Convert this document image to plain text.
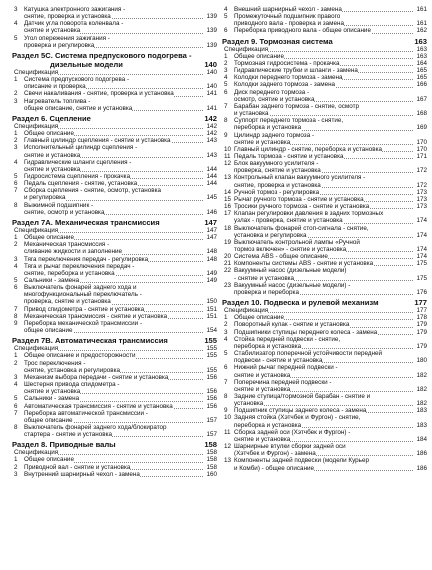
3 Катушка электронного зажигания -
139
снятие, проверка и установка
4 Датчик угла поворота коленвала -
139
снятие и установка
5 Угол опережения зажигания -
139
проверка и регулировка
Раздел 5С. Система предпускового подогрева -
140
дизельные модели
140
Спецификация
1 Система предпускового подогрева -
140
описание и проверка
141
2 Свечи накаливания - снятие, проверка и установка
3 Нагреватель топлива -
141
общее описание, снятие и установка
142
Раздел 6. Сцепление
142
Спецификация
142
1 Общее описание
143
2 Главный цилиндр сцепления - снятие и установка
3 Исполнительный цилиндр сцепления -
143
снятие и установка
4 Гидравлические шланги сцепления -
144
снятие и установка
144
5 Гидросистема сцепления - прокачка
144
6 Педаль сцепления - снятие, установка
7 Сборка сцепления - снятие, осмотр, установка
145
и регулировка
8 Выжимной подшипник -
146
снятие, осмотр и установка
147
Раздел 7А. Механическая трансмиссия
147
Спецификация
147
1 Общее описание
2 Механическая трансмиссия -
148
сливание жидкости и заполнение
148
3 Тяга переключения передач - регулировка
4 Тяга и рычаг переключения передач -
149
снятие, переборка и установка
149
5 Сальники - замена
6 Выключатель фонарей заднего хода и
многофункциональный переключатель -
150
проверка, снятие и установка
151
7 Привод спидометра - снятие и установка
151
8 Механическая трансмиссия - снятие и установка
9 Переборка механической трансмиссии -
154
общее описание
155
Раздел 7В. Автоматическая трансмиссия
155
Спецификация
155
1 Общее описание и предосторожности
2 Трос переключения -
155
снятие, установка и регулировка
156
3 Механизм выбора передачи - снятие и установка
4 Шестерня привода спидометра -
156
снятие и установка
156
5 Сальники - замена
156
6 Автоматическая трансмиссия - снятие и установка
7 Переборка автоматической трансмиссии -
157
общее описание
8 Выключатель фонарей заднего хода/блокиратор
157
стартера - снятие и установка
158
Раздел 8. Приводные валы
158
Спецификация
158
1 Общее описание
158
2 Приводной вал - снятие и установка
160
3 Внутренний шарнирный чехол - замена
161
4 Внешний шарнирный чехол - замена
5 Промежуточный подшипник правого
161
приводного вала - проверка и замена
162
6 Переборка приводного вала - общее описание
163
Раздел 9. Тормозная система
163
Спецификация
163
1 Общее описание
164
2 Тормозная гидросистема - прокачка
165
3 Гидравлические трубки и шланги - замена
165
4 Колодки переднего тормоза - замена
166
5 Колодки заднего тормоза - замена
6 Диск переднего тормоза -
167
осмотр, снятие и установка
7 Барабан заднего тормоза - снятие, осмотр
168
и установка
8 Суппорт переднего тормоза - снятие,
169
переборка и установка
9 Цилиндр заднего тормоза -
170
снятие и установка
170
10 Главный цилиндр - снятие, переборка и установка
171
11 Педаль тормоза - снятие и установка
12 Блок вакуумного усилителя -
172
проверка, снятие и установка
13 Контрольный клапан вакуумного усилителя -
172
снятие, проверка и установка
173
14 Ручной тормоз - регулировка
173
15 Рычаг ручного тормоза - снятие и установка
173
16 Тросики ручного тормоза - снятие и установка
17 Клапан регулировки давления в задних тормозных
174
узлах - проверка, снятие и установка
18 Выключатель фонарей стоп-сигнала - снятие,
174
установка и регулировка
19 Выключатель контрольной лампы «Ручной
174
тормоз включен» - снятие и установка
174
20 Система ABS - общее описание
175
21 Компоненты системы ABS - снятие и установка
22 Вакуумный насос (дизельные модели)
175
- снятие и установка
23 Вакуумный насос (дизельные модели) -
176
проверка и переборка
177
Раздел 10. Подвеска и рулевой механизм
177
Спецификация
178
1 Общее описание
179
2 Поворотный кулак - снятие и установка
179
3 Подшипники ступицы переднего колеса - замена
4 Стойка передней подвески - снятие,
179
переборка и установка
5 Стабилизатор поперечной устойчивости передней
180
подвески - снятие и установка
6 Нижний рычаг передней подвески -
182
снятие и установка
7 Поперечина передней подвески -
182
снятие и установка
8 Задние ступица/тормозной барабан - снятие и
182
установка
183
9 Подшипник ступицы заднего колеса - замена
10 Задняя стойка (Хэтчбек и Фургон) - снятие,
183
переборка и установка
11 Сборка задней оси (Хэтчбек и Фургон) -
184
снятие и установка
12 Шарнирные втулки сборки задней оси
186
(Хэтчбек и Фургон) - замена
13 Компоненты задней подвески (модели Курьер
186
и Комби) - общее описание
